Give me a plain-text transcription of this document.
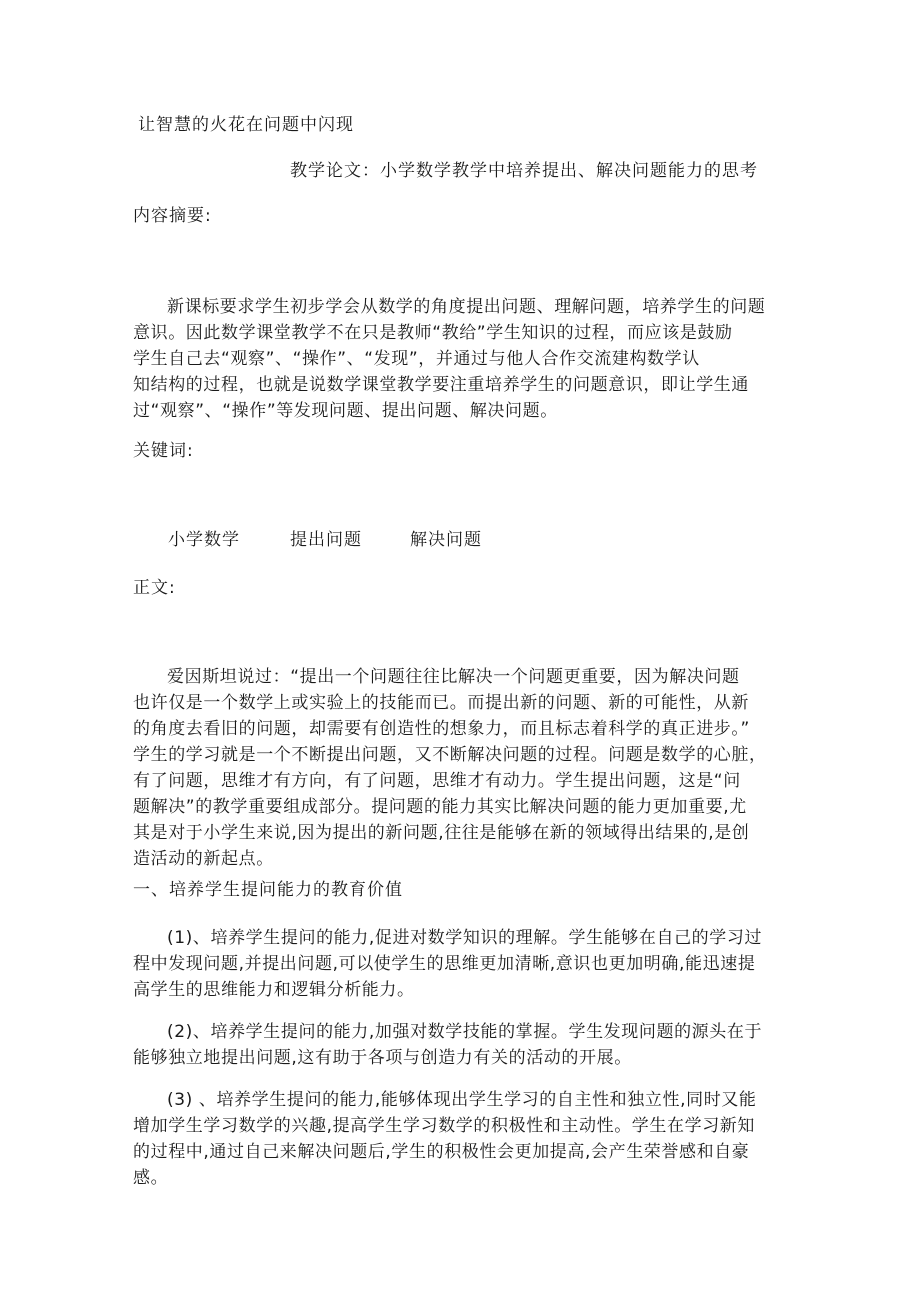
让智慧的火花在问题中闪现
教学论文：小学数学教学中培养提出、解决问题能力的思考
内容摘要:
新课标要求学生初步学会从数学的角度提出问题、理解问题，培养学生的问题
意识。因此数学课堂教学不在只是教师“教给”学生知识的过程，而应该是鼓励
学生自己去“观察”、“操作”、“发现”，并通过与他人合作交流建构数学认
知结构的过程，也就是说数学课堂教学要注重培养学生的问题意识，即让学生通
过“观察”、“操作”等发现问题、提出问题、解决问题。
关键词:
小学数学	提出问题	解决问题
正文:
爱因斯坦说过：“提出一个问题往往比解决一个问题更重要，因为解决问题
也许仅是一个数学上或实验上的技能而已。而提出新的问题、新的可能性，从新
的角度去看旧的问题，却需要有创造性的想象力，而且标志着科学的真正进步。”
学生的学习就是一个不断提出问题，又不断解决问题的过程。问题是数学的心脏，
有了问题，思维才有方向，有了问题，思维才有动力。学生提出问题，这是“问
题解决”的教学重要组成部分。提问题的能力其实比解决问题的能力更加重要,尤
其是对于小学生来说,因为提出的新问题,往往是能够在新的领域得出结果的,是创
造活动的新起点。
一、培养学生提问能力的教育价值
(1)、培养学生提问的能力,促进对数学知识的理解。学生能够在自己的学习过
程中发现问题,并提出问题,可以使学生的思维更加清晰,意识也更加明确,能迅速提
高学生的思维能力和逻辑分析能力。
(2)、培养学生提问的能力,加强对数学技能的掌握。学生发现问题的源头在于
能够独立地提出问题,这有助于各项与创造力有关的活动的开展。
(3) 、培养学生提问的能力,能够体现出学生学习的自主性和独立性,同时又能
增加学生学习数学的兴趣,提高学生学习数学的积极性和主动性。学生在学习新知
的过程中,通过自己来解决问题后,学生的积极性会更加提高,会产生荣誉感和自豪
感。
